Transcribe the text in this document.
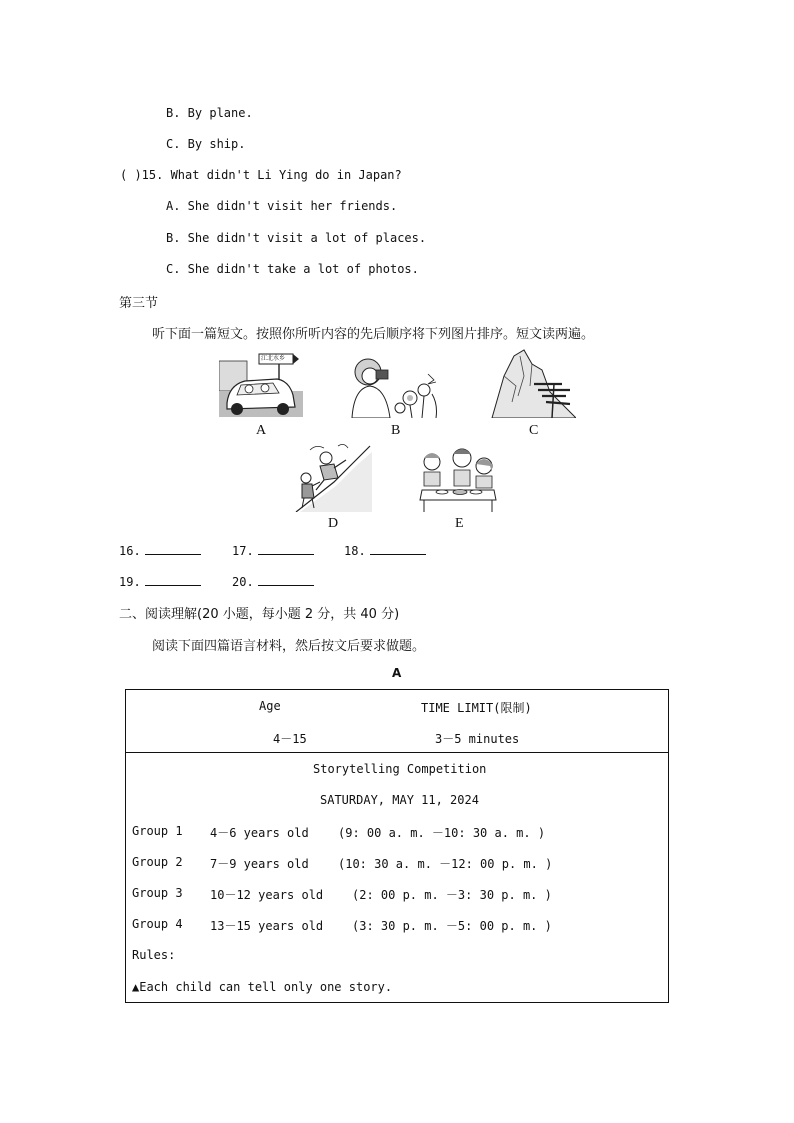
B. By plane.
C. By ship.
( )15. What didn't Li Ying do in Japan?
A. She didn't visit her friends.
B. She didn't visit a lot of places.
C. She didn't take a lot of photos.
第三节
听下面一篇短文。按照你所听内容的先后顺序将下列图片排序。短文读两遍。
江北水乡
A	B	C
D	E
16.	17.	18.
19.	20.
二、阅读理解(20 小题，每小题 2 分，共 40 分)
阅读下面四篇语言材料，然后按文后要求做题。
A
Age	TIME LIMIT(限制)
4－15	3－5 minutes
Storytelling Competition
SATURDAY, MAY 11, 2024
Group 1 4－6 years old (9: 00 a. m. －10: 30 a. m. )
Group 2 7－9 years old (10: 30 a. m. －12: 00 p. m. )
Group 3 10－12 years old (2: 00 p. m. －3: 30 p. m. )
Group 4 13－15 years old (3: 30 p. m. －5: 00 p. m. )
Rules:
▲Each child can tell only one story.
